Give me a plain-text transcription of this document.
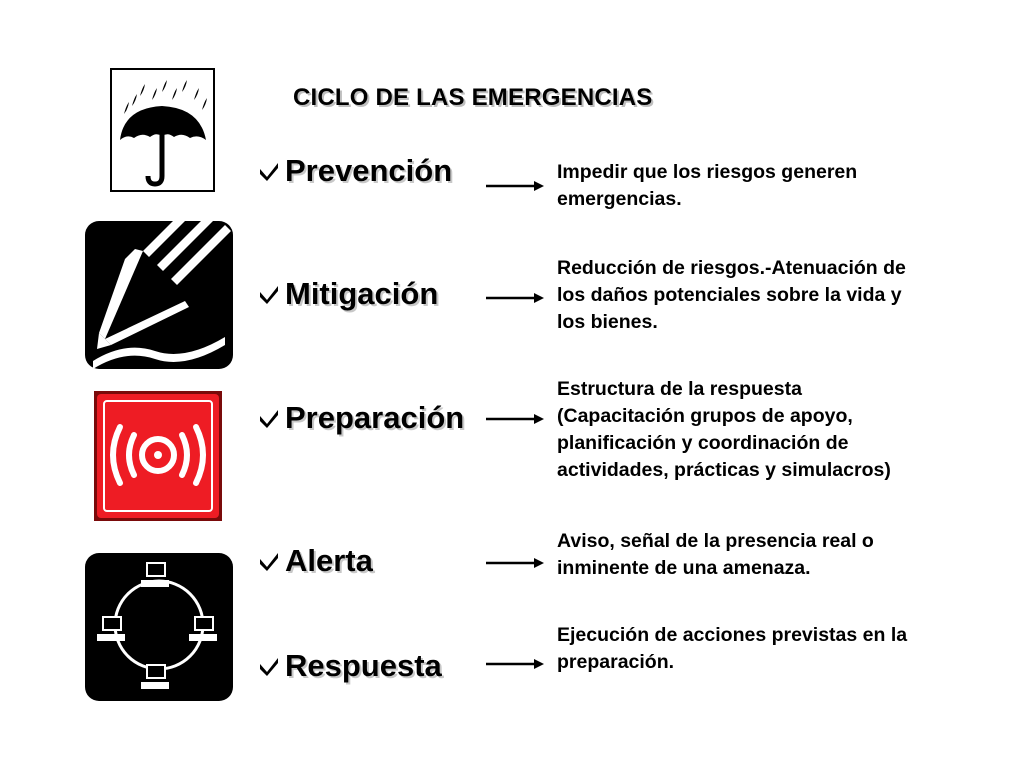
CICLO DE LAS EMERGENCIAS
Prevención
Mitigación
Preparación
Alerta
Respuesta
Impedir que los riesgos generen
emergencias.
Reducción de riesgos.-Atenuación de
los daños potenciales sobre la vida y
los bienes.
Estructura de la respuesta
(Capacitación grupos de apoyo,
planificación y coordinación de
actividades, prácticas y simulacros)
Aviso, señal de la presencia real o
inminente de una amenaza.
Ejecución de acciones previstas en la
preparación.
